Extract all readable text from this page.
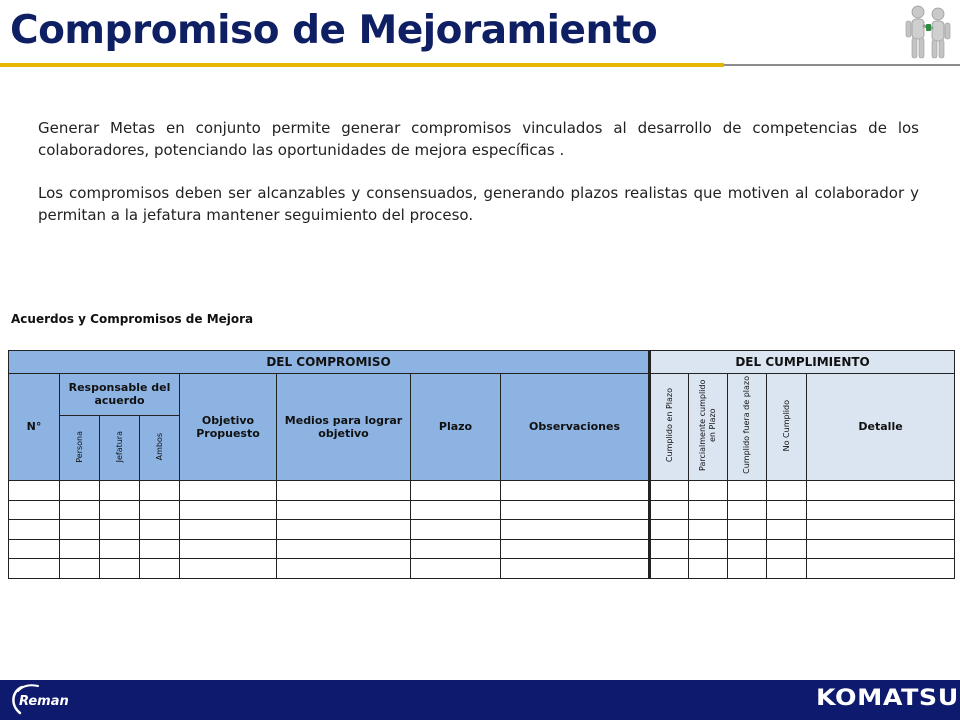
Compromiso de Mejoramiento

Generar Metas en conjunto permite generar compromisos vinculados al desarrollo de competencias de los colaboradores, potenciando las oportunidades de mejora específicas .

Los compromisos deben ser alcanzables y consensuados, generando plazos realistas que motiven al colaborador y permitan a la jefatura mantener seguimiento del proceso.

Acuerdos y Compromisos de Mejora
DEL COMPROMISO								DEL CUMPLIMIENTO				
N°	Responsable del acuerdo			Objetivo Propuesto	Medios para lograr objetivo	Plazo	Observaciones	Cumplido en Plazo	Parcialmente cumplido en Plazo	Cumplido fuera de plazo	No Cumplido	Detalle
	Persona	Jefatura	Ambos									

Reman	KOMATSU
